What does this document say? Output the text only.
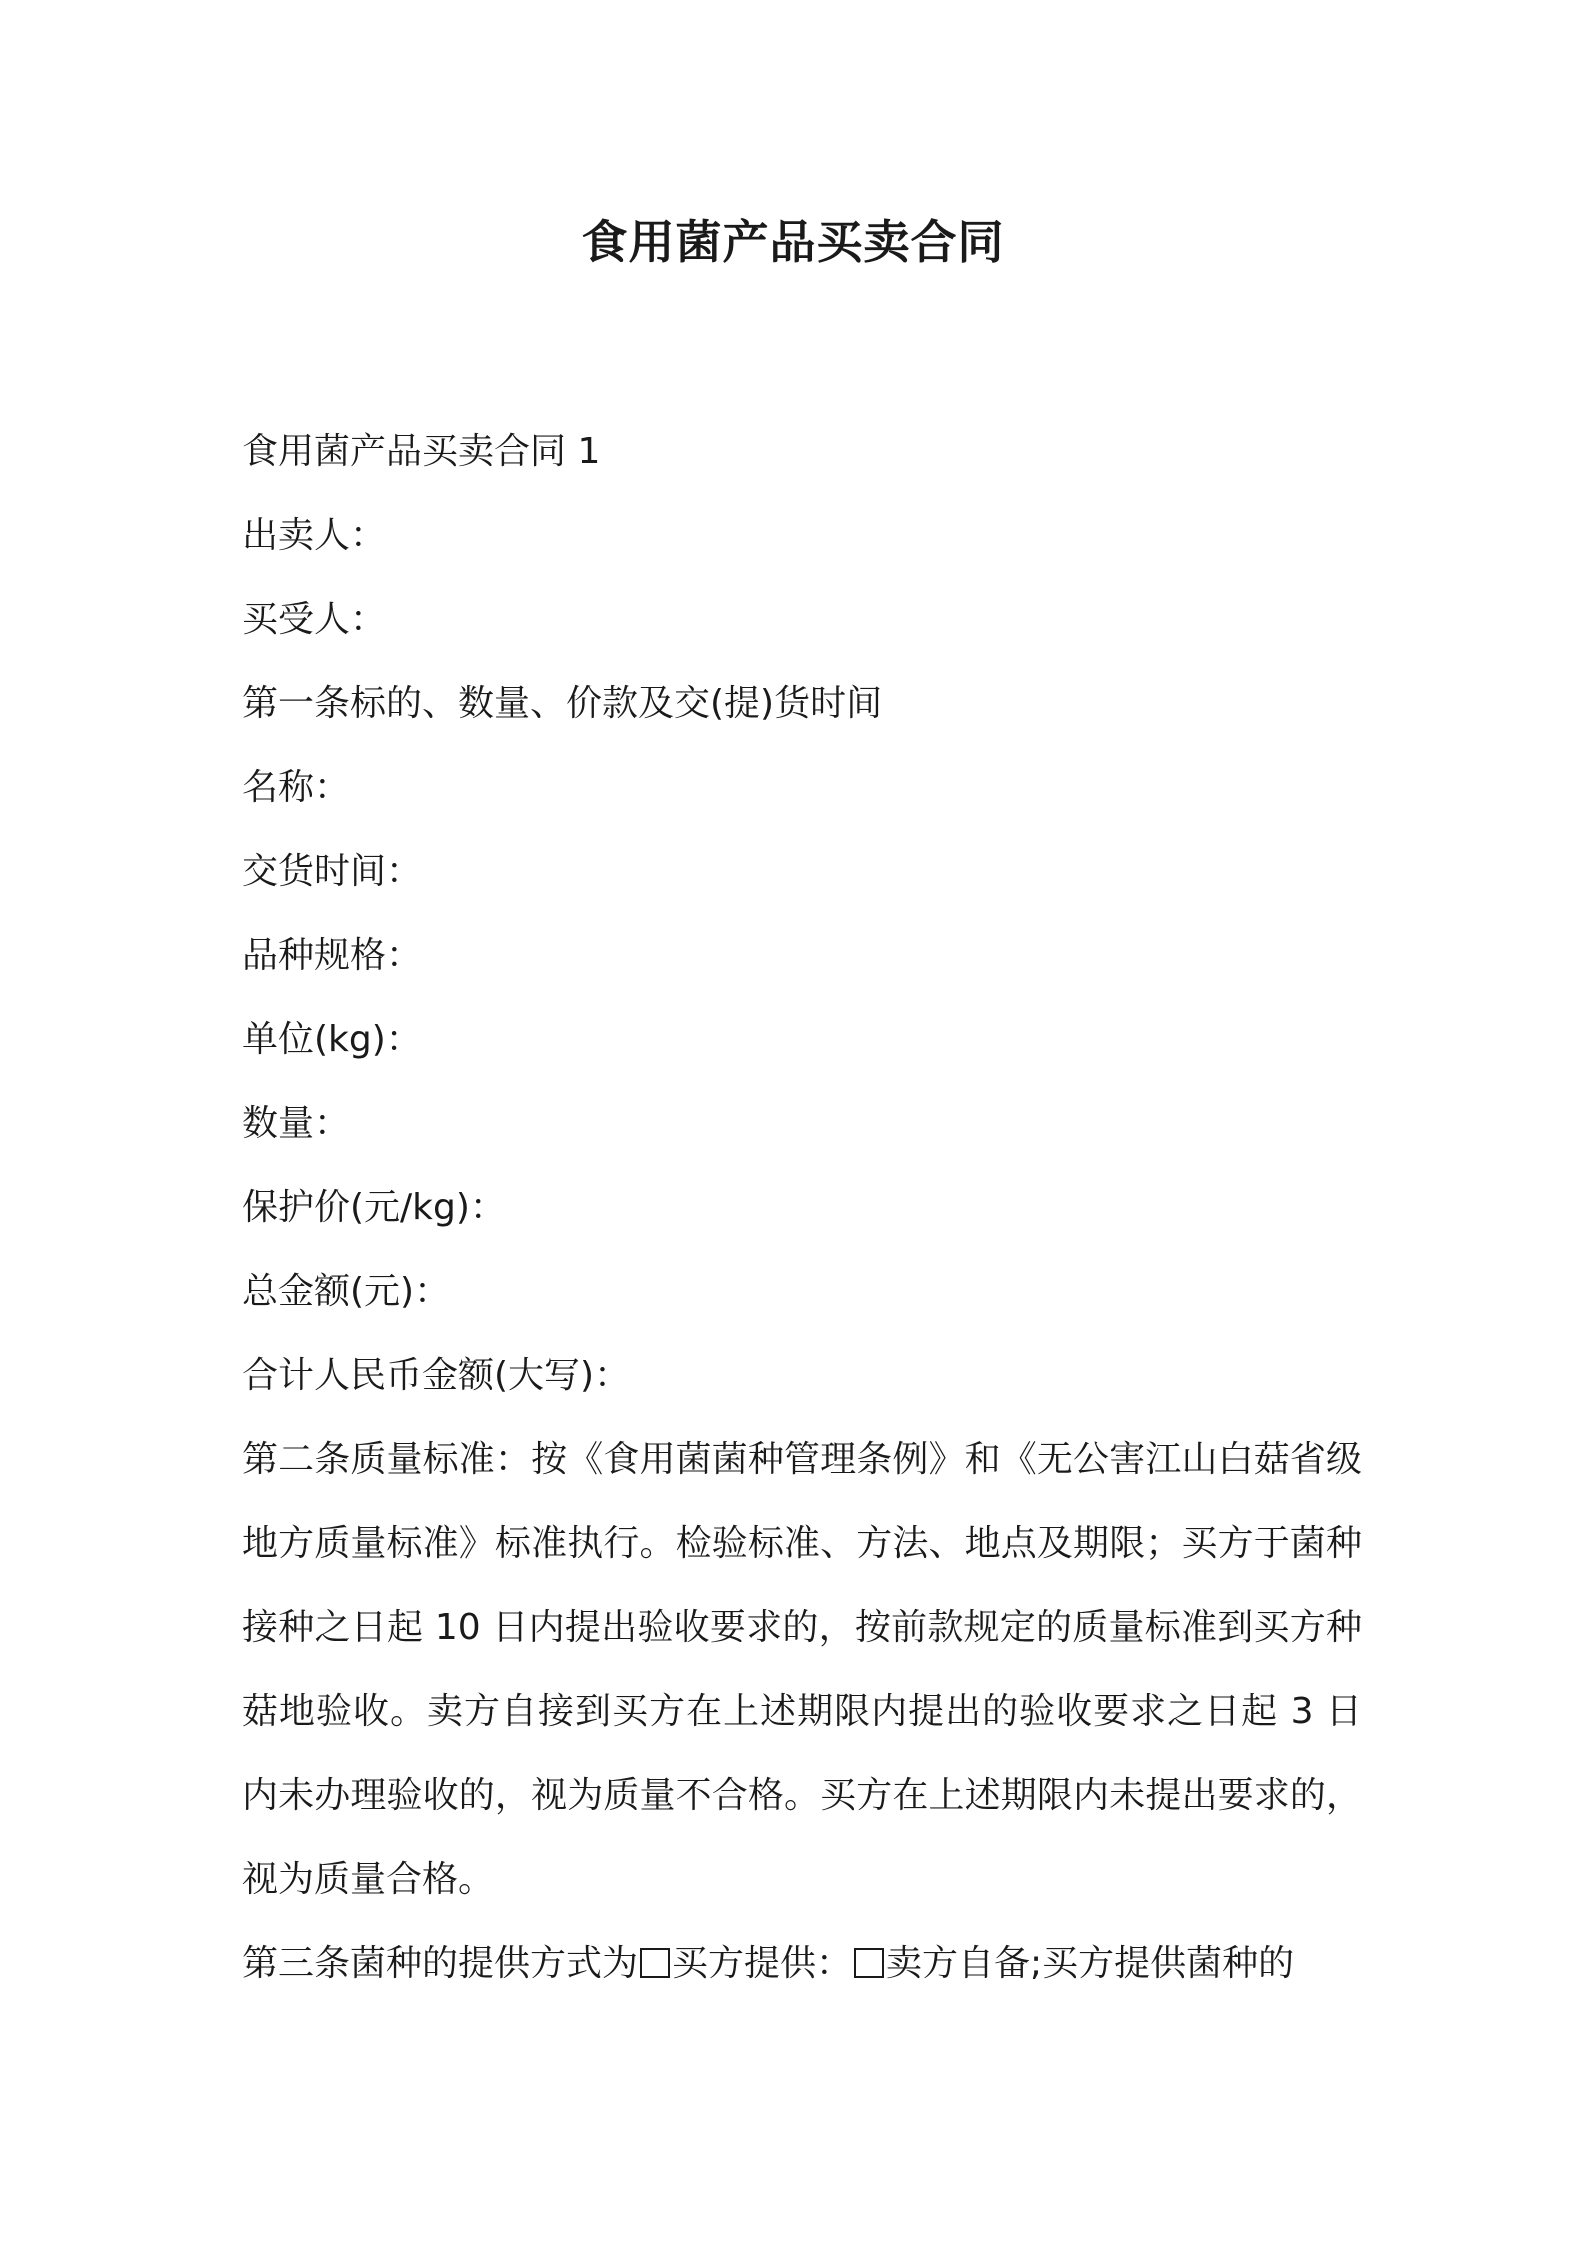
食用菌产品买卖合同
食用菌产品买卖合同 1
出卖人：
买受人：
第一条标的、数量、价款及交(提)货时间
名称：
交货时间：
品种规格：
单位(kg)：
数量：
保护价(元/kg)：
总金额(元)：
合计人民币金额(大写)：
第二条质量标准：按《食用菌菌种管理条例》和《无公害江山白菇省级地方质量标准》标准执行。检验标准、方法、地点及期限；买方于菌种接种之日起 10 日内提出验收要求的，按前款规定的质量标准到买方种菇地验收。卖方自接到买方在上述期限内提出的验收要求之日起 3 日内未办理验收的，视为质量不合格。买方在上述期限内未提出要求的，视为质量合格。
第三条菌种的提供方式为 买方提供： 卖方自备;买方提供菌种的
